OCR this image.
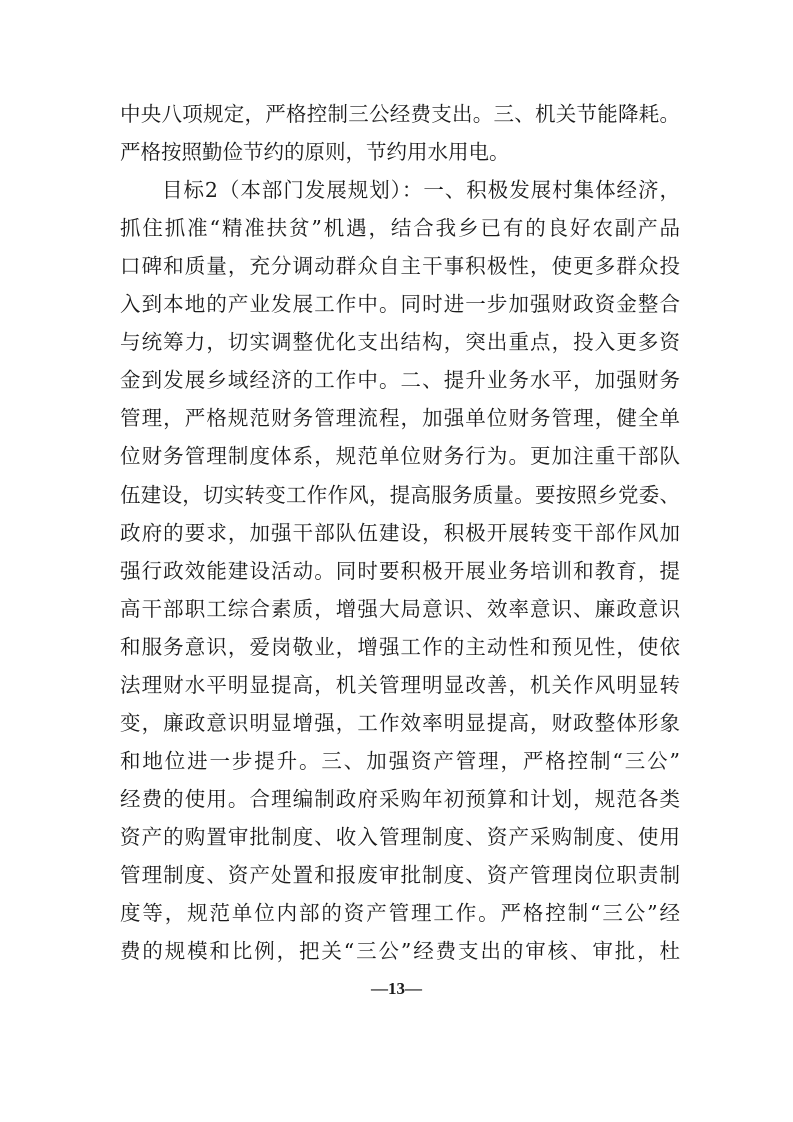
中央八项规定，严格控制三公经费支出。三、机关节能降耗。
严格按照勤俭节约的原则，节约用水用电。
目标2（本部门发展规划）：一、积极发展村集体经济，
抓住抓准“精准扶贫”机遇，结合我乡已有的良好农副产品
口碑和质量，充分调动群众自主干事积极性，使更多群众投
入到本地的产业发展工作中。同时进一步加强财政资金整合
与统筹力，切实调整优化支出结构，突出重点，投入更多资
金到发展乡域经济的工作中。二、提升业务水平，加强财务
管理，严格规范财务管理流程，加强单位财务管理，健全单
位财务管理制度体系，规范单位财务行为。更加注重干部队
伍建设，切实转变工作作风，提高服务质量。要按照乡党委、
政府的要求，加强干部队伍建设，积极开展转变干部作风加
强行政效能建设活动。同时要积极开展业务培训和教育，提
高干部职工综合素质，增强大局意识、效率意识、廉政意识
和服务意识，爱岗敬业，增强工作的主动性和预见性，使依
法理财水平明显提高，机关管理明显改善，机关作风明显转
变，廉政意识明显增强，工作效率明显提高，财政整体形象
和地位进一步提升。三、加强资产管理，严格控制“三公”
经费的使用。合理编制政府采购年初预算和计划，规范各类
资产的购置审批制度、收入管理制度、资产采购制度、使用
管理制度、资产处置和报废审批制度、资产管理岗位职责制
度等，规范单位内部的资产管理工作。严格控制“三公”经
费的规模和比例，把关“三公”经费支出的审核、审批，杜
—13—
